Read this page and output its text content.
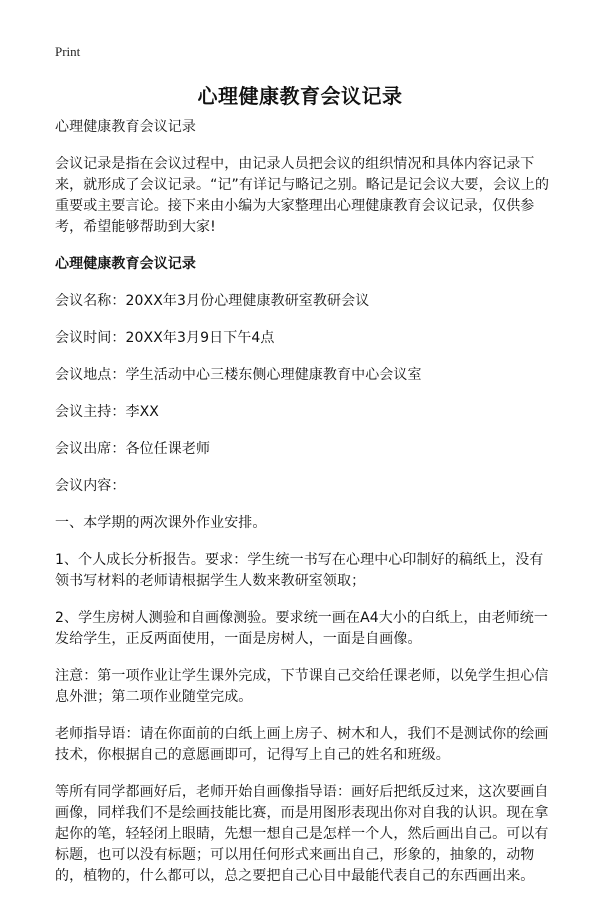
Print
心理健康教育会议记录

心理健康教育会议记录

会议记录是指在会议过程中，由记录人员把会议的组织情况和具体内容记录下来，就形成了会议记录。“记”有详记与略记之别。略记是记会议大要，会议上的重要或主要言论。接下来由小编为大家整理出心理健康教育会议记录，仅供参考，希望能够帮助到大家!

心理健康教育会议记录

会议名称：20XX年3月份心理健康教研室教研会议

会议时间：20XX年3月9日下午4点

会议地点：学生活动中心三楼东侧心理健康教育中心会议室

会议主持：李XX

会议出席：各位任课老师

会议内容：

一、本学期的两次课外作业安排。

1、个人成长分析报告。要求：学生统一书写在心理中心印制好的稿纸上，没有领书写材料的老师请根据学生人数来教研室领取；

2、学生房树人测验和自画像测验。要求统一画在A4大小的白纸上，由老师统一发给学生，正反两面使用，一面是房树人，一面是自画像。

注意：第一项作业让学生课外完成，下节课自己交给任课老师，以免学生担心信息外泄；第二项作业随堂完成。

老师指导语：请在你面前的白纸上画上房子、树木和人，我们不是测试你的绘画技术，你根据自己的意愿画即可，记得写上自己的姓名和班级。

等所有同学都画好后，老师开始自画像指导语：画好后把纸反过来，这次要画自画像，同样我们不是绘画技能比赛，而是用图形表现出你对自我的认识。现在拿起你的笔，轻轻闭上眼睛，先想一想自己是怎样一个人，然后画出自己。可以有标题，也可以没有标题；可以用任何形式来画出自己，形象的，抽象的，动物的，植物的，什么都可以，总之要把自己心目中最能代表自己的东西画出来。
